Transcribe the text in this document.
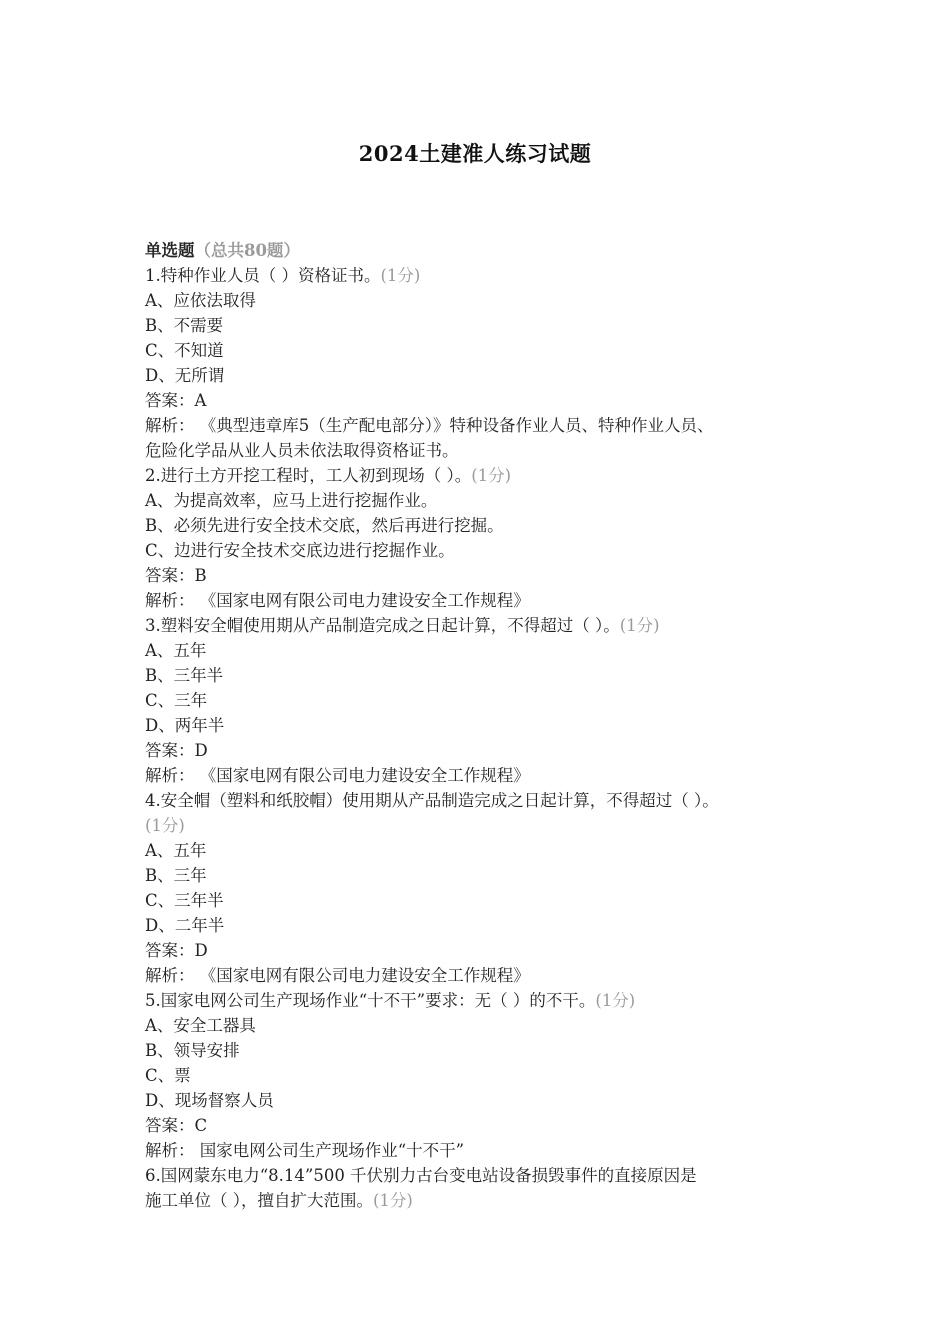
2024土建准人练习试题
单选题（总共80题）
1.特种作业人员（ ）资格证书。(1分)
A、应依法取得
B、不需要
C、不知道
D、无所谓
答案：A
解析： 《典型违章库5（生产配电部分）》特种设备作业人员、特种作业人员、
危险化学品从业人员未依法取得资格证书。
2.进行土方开挖工程时，工人初到现场（ ）。(1分)
A、为提高效率，应马上进行挖掘作业。
B、必须先进行安全技术交底，然后再进行挖掘。
C、边进行安全技术交底边进行挖掘作业。
答案：B
解析： 《国家电网有限公司电力建设安全工作规程》
3.塑料安全帽使用期从产品制造完成之日起计算，不得超过（ ）。(1分)
A、五年
B、三年半
C、三年
D、两年半
答案：D
解析： 《国家电网有限公司电力建设安全工作规程》
4.安全帽（塑料和纸胶帽）使用期从产品制造完成之日起计算，不得超过（ ）。
(1分)
A、五年
B、三年
C、三年半
D、二年半
答案：D
解析： 《国家电网有限公司电力建设安全工作规程》
5.国家电网公司生产现场作业“十不干”要求：无（ ）的不干。(1分)
A、安全工器具
B、领导安排
C、票
D、现场督察人员
答案：C
解析： 国家电网公司生产现场作业“十不干”
6.国网蒙东电力“8.14”500 千伏别力古台变电站设备损毁事件的直接原因是
施工单位（ ），擅自扩大范围。(1分)
